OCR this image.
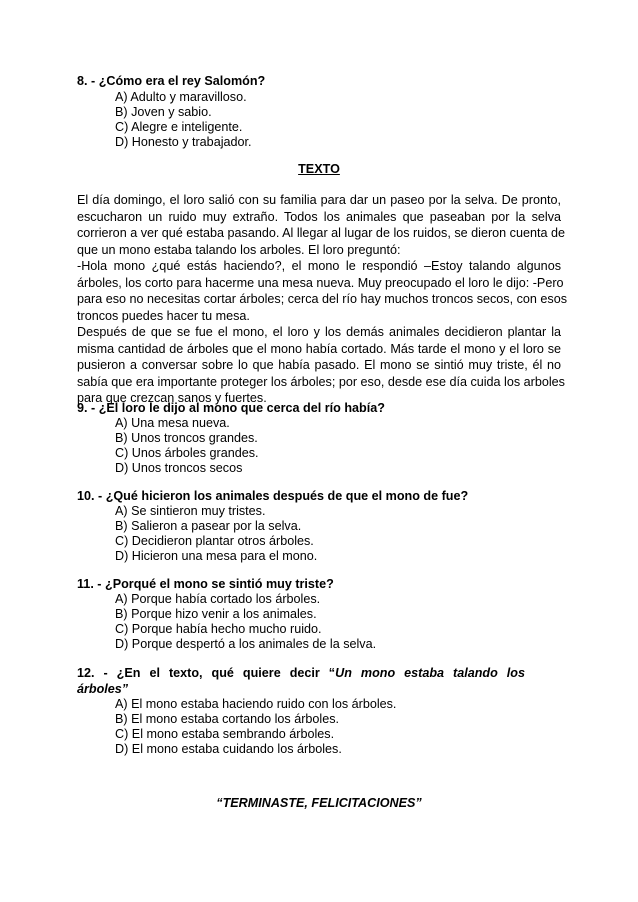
8. - ¿Cómo era el rey Salomón?
A) Adulto y maravilloso.
B) Joven y sabio.
C) Alegre e inteligente.
D) Honesto y trabajador.
TEXTO
El día domingo, el loro salió con su familia para dar un paseo por la selva. De pronto,
escucharon un ruido muy extraño. Todos los animales que paseaban por la selva
corrieron a ver qué estaba pasando. Al llegar al lugar de los ruidos, se dieron cuenta de
que un mono estaba talando los arboles. El loro preguntó:
-Hola mono ¿qué estás haciendo?, el mono le respondió –Estoy talando algunos
árboles, los corto para hacerme una mesa nueva. Muy preocupado el loro le dijo: -Pero
para eso no necesitas cortar árboles; cerca del río hay muchos troncos secos, con esos
troncos puedes hacer tu mesa.
Después de que se fue el mono, el loro y los demás animales decidieron plantar la
misma cantidad de árboles que el mono había cortado. Más tarde el mono y el loro se
pusieron a conversar sobre lo que había pasado. El mono se sintió muy triste, él no
sabía que era importante proteger los árboles; por eso, desde ese día cuida los arboles
para que crezcan sanos y fuertes.
9. - ¿El loro le dijo al mono que cerca del río había?
A) Una mesa nueva.
B) Unos troncos grandes.
C) Unos árboles grandes.
D) Unos troncos secos
10. - ¿Qué hicieron los animales después de que el mono de fue?
A) Se sintieron muy tristes.
B) Salieron a pasear por la selva.
C) Decidieron plantar otros árboles.
D) Hicieron una mesa para el mono.
11. - ¿Porqué el mono se sintió muy triste?
A) Porque había cortado los árboles.
B) Porque hizo venir a los animales.
C) Porque había hecho mucho ruido.
D) Porque despertó a los animales de la selva.
12. - ¿En el texto, qué quiere decir “Un mono estaba talando los
árboles”
A) El mono estaba haciendo ruido con los árboles.
B) El mono estaba cortando los árboles.
C) El mono estaba sembrando árboles.
D) El mono estaba cuidando los árboles.
“TERMINASTE, FELICITACIONES”
